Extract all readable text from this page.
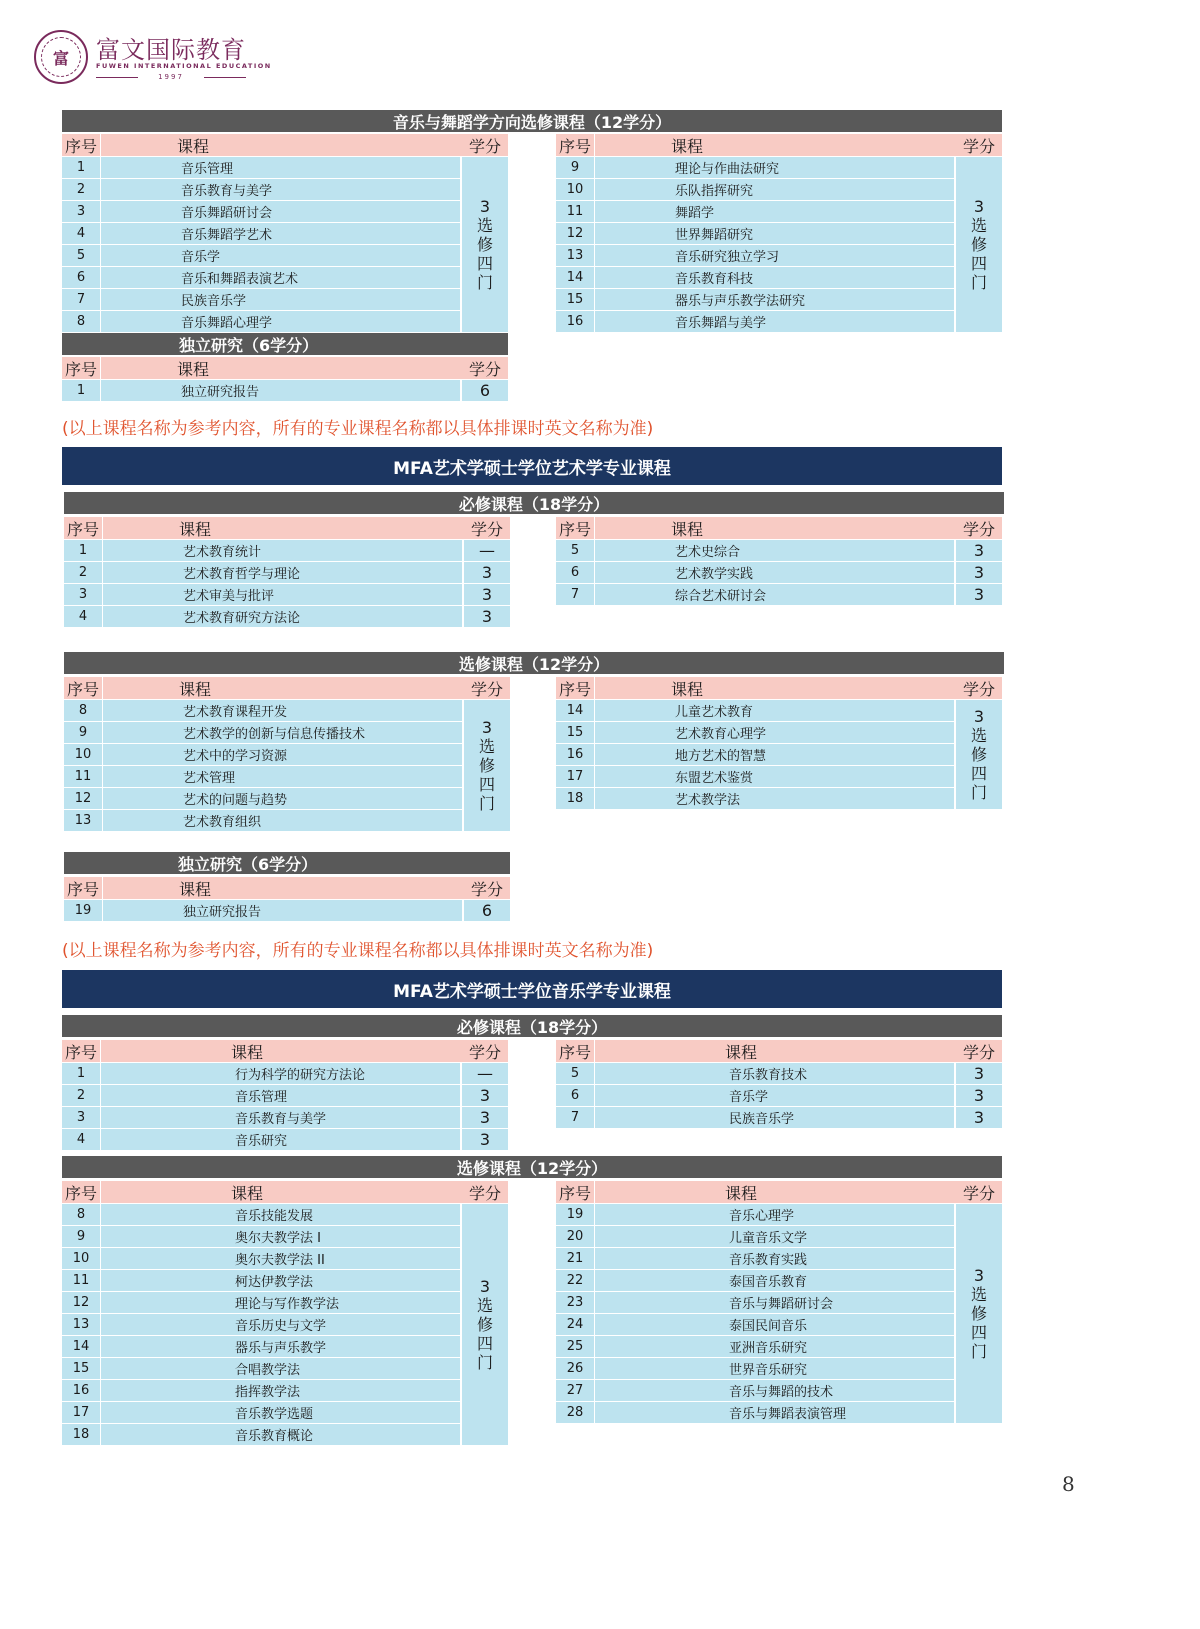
富 富文国际教育
FUWEN INTERNATIONAL EDUCATION
1997
音乐与舞蹈学方向选修课程（12学分）
序号	课程	学分
1	音乐管理
2	音乐教育与美学
3	音乐舞蹈研讨会
4	音乐舞蹈学艺术
5	音乐学
6	音乐和舞蹈表演艺术
7	民族音乐学
8	音乐舞蹈心理学
3
选
修
四
门
序号	课程	学分
9	理论与作曲法研究
10	乐队指挥研究
11	舞蹈学
12	世界舞蹈研究
13	音乐研究独立学习
14	音乐教育科技
15	器乐与声乐教学法研究
16	音乐舞蹈与美学
3
选
修
四
门
独立研究（6学分）
序号	课程	学分
1	独立研究报告	6
(以上课程名称为参考内容，所有的专业课程名称都以具体排课时英文名称为准)
MFA艺术学硕士学位艺术学专业课程
必修课程（18学分）
序号	课程	学分
1	艺术教育统计	—
2	艺术教育哲学与理论	3
3	艺术审美与批评	3
4	艺术教育研究方法论	3
序号	课程	学分
5	艺术史综合	3
6	艺术教学实践	3
7	综合艺术研讨会	3
选修课程（12学分）
序号	课程	学分
8	艺术教育课程开发
9	艺术教学的创新与信息传播技术
10	艺术中的学习资源
11	艺术管理
12	艺术的问题与趋势
13	艺术教育组织
3
选
修
四
门
序号	课程	学分
14	儿童艺术教育
15	艺术教育心理学
16	地方艺术的智慧
17	东盟艺术鉴赏
18	艺术教学法
3
选
修
四
门
独立研究（6学分）
序号	课程	学分
19	独立研究报告	6
(以上课程名称为参考内容，所有的专业课程名称都以具体排课时英文名称为准)
MFA艺术学硕士学位音乐学专业课程
必修课程（18学分）
序号	课程	学分
1	行为科学的研究方法论	—
2	音乐管理	3
3	音乐教育与美学	3
4	音乐研究	3
序号	课程	学分
5	音乐教育技术	3
6	音乐学	3
7	民族音乐学	3
选修课程（12学分）
序号	课程	学分
8	音乐技能发展
9	奥尔夫教学法 I
10	奥尔夫教学法 II
11	柯达伊教学法
12	理论与写作教学法
13	音乐历史与文学
14	器乐与声乐教学
15	合唱教学法
16	指挥教学法
17	音乐教学选题
18	音乐教育概论
3
选
修
四
门
序号	课程	学分
19	音乐心理学
20	儿童音乐文学
21	音乐教育实践
22	泰国音乐教育
23	音乐与舞蹈研讨会
24	泰国民间音乐
25	亚洲音乐研究
26	世界音乐研究
27	音乐与舞蹈的技术
28	音乐与舞蹈表演管理
3
选
修
四
门
8
